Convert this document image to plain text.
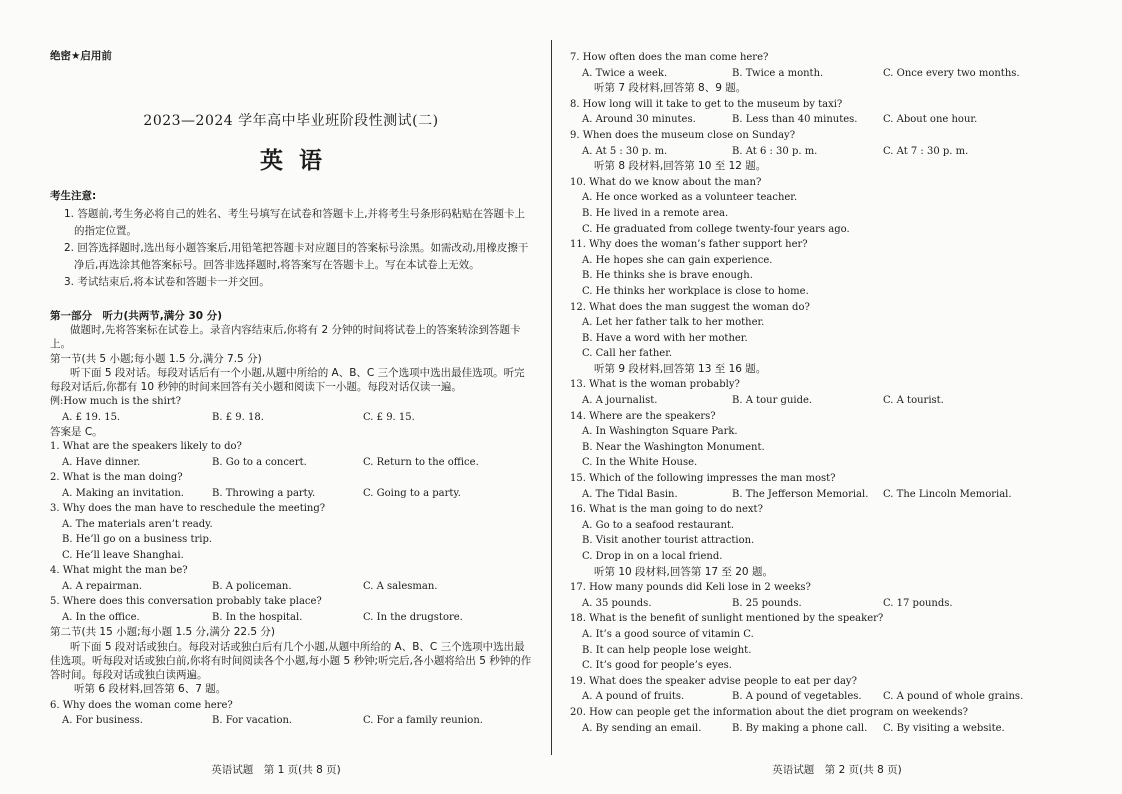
绝密★启用前
2023—2024 学年高中毕业班阶段性测试(二)
英语
考生注意:
1. 答题前,考生务必将自己的姓名、考生号填写在试卷和答题卡上,并将考生号条形码粘贴在答题卡上的指定位置。
2. 回答选择题时,选出每小题答案后,用铅笔把答题卡对应题目的答案标号涂黑。如需改动,用橡皮擦干净后,再选涂其他答案标号。回答非选择题时,将答案写在答题卡上。写在本试卷上无效。
3. 考试结束后,将本试卷和答题卡一并交回。
第一部分　听力(共两节,满分 30 分)
做题时,先将答案标在试卷上。录音内容结束后,你将有 2 分钟的时间将试卷上的答案转涂到答题卡上。
第一节(共 5 小题;每小题 1.5 分,满分 7.5 分)
听下面 5 段对话。每段对话后有一个小题,从题中所给的 A、B、C 三个选项中选出最佳选项。听完每段对话后,你都有 10 秒钟的时间来回答有关小题和阅读下一小题。每段对话仅读一遍。
例:How much is the shirt?
A. £ 19. 15.	B. £ 9. 18.	C. £ 9. 15.
答案是 C。
1. What are the speakers likely to do?
A. Have dinner.	B. Go to a concert.	C. Return to the office.
2. What is the man doing?
A. Making an invitation.	B. Throwing a party.	C. Going to a party.
3. Why does the man have to reschedule the meeting?
A. The materials aren’t ready.
B. He’ll go on a business trip.
C. He’ll leave Shanghai.
4. What might the man be?
A. A repairman.	B. A policeman.	C. A salesman.
5. Where does this conversation probably take place?
A. In the office.	B. In the hospital.	C. In the drugstore.
第二节(共 15 小题;每小题 1.5 分,满分 22.5 分)
听下面 5 段对话或独白。每段对话或独白后有几个小题,从题中所给的 A、B、C 三个选项中选出最佳选项。听每段对话或独白前,你将有时间阅读各个小题,每小题 5 秒钟;听完后,各小题将给出 5 秒钟的作答时间。每段对话或独白读两遍。
听第 6 段材料,回答第 6、7 题。
6. Why does the woman come here?
A. For business.	B. For vacation.	C. For a family reunion.
英语试题　第 1 页(共 8 页)
7. How often does the man come here?
A. Twice a week.	B. Twice a month.	C. Once every two months.
听第 7 段材料,回答第 8、9 题。
8. How long will it take to get to the museum by taxi?
A. Around 30 minutes.	B. Less than 40 minutes.	C. About one hour.
9. When does the museum close on Sunday?
A. At 5 : 30 p. m.	B. At 6 : 30 p. m.	C. At 7 : 30 p. m.
听第 8 段材料,回答第 10 至 12 题。
10. What do we know about the man?
A. He once worked as a volunteer teacher.
B. He lived in a remote area.
C. He graduated from college twenty-four years ago.
11. Why does the woman’s father support her?
A. He hopes she can gain experience.
B. He thinks she is brave enough.
C. He thinks her workplace is close to home.
12. What does the man suggest the woman do?
A. Let her father talk to her mother.
B. Have a word with her mother.
C. Call her father.
听第 9 段材料,回答第 13 至 16 题。
13. What is the woman probably?
A. A journalist.	B. A tour guide.	C. A tourist.
14. Where are the speakers?
A. In Washington Square Park.
B. Near the Washington Monument.
C. In the White House.
15. Which of the following impresses the man most?
A. The Tidal Basin.	B. The Jefferson Memorial.	C. The Lincoln Memorial.
16. What is the man going to do next?
A. Go to a seafood restaurant.
B. Visit another tourist attraction.
C. Drop in on a local friend.
听第 10 段材料,回答第 17 至 20 题。
17. How many pounds did Keli lose in 2 weeks?
A. 35 pounds.	B. 25 pounds.	C. 17 pounds.
18. What is the benefit of sunlight mentioned by the speaker?
A. It’s a good source of vitamin C.
B. It can help people lose weight.
C. It’s good for people’s eyes.
19. What does the speaker advise people to eat per day?
A. A pound of fruits.	B. A pound of vegetables.	C. A pound of whole grains.
20. How can people get the information about the diet program on weekends?
A. By sending an email.	B. By making a phone call.	C. By visiting a website.
英语试题　第 2 页(共 8 页)
